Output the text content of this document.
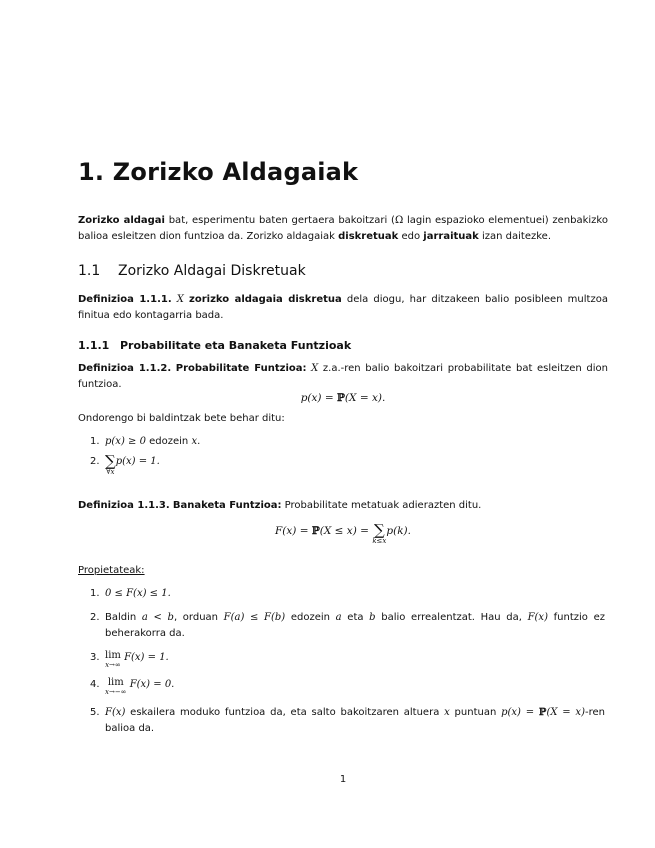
1. Zorizko Aldagaiak
Zorizko aldagai bat, esperimentu baten gertaera bakoitzari (Ω lagin espazioko elementuei) zenbakizko balioa esleitzen dion funtzioa da. Zorizko aldagaiak diskretuak edo jarraituak izan daitezke.
1.1 Zorizko Aldagai Diskretuak
Definizioa 1.1.1. X zorizko aldagaia diskretua dela diogu, har ditzakeen balio posibleen multzoa finitua edo kontagarria bada.
1.1.1 Probabilitate eta Banaketa Funtzioak
Definizioa 1.1.2. Probabilitate Funtzioa: X z.a.-ren balio bakoitzari probabilitate bat esleitzen dion funtzioa.
p(x) = ℙ(X = x).
Ondorengo bi baldintzak bete behar ditu:
1. p(x) ≥ 0 edozein x.
2. ∑
∀x
p(x) = 1.
Definizioa 1.1.3. Banaketa Funtzioa: Probabilitate metatuak adierazten ditu.
F(x) = ℙ(X ≤ x) = ∑
k≤x
p(k).
Propietateak:
1. 0 ≤ F(x) ≤ 1.
2. Baldin a < b, orduan F(a) ≤ F(b) edozein a eta b balio errealentzat. Hau da, F(x) funtzio ez beherakorra da.
3. lim
x→∞
F(x) = 1.
4. lim
x→−∞
F(x) = 0.
5. F(x) eskailera moduko funtzioa da, eta salto bakoitzaren altuera x puntuan p(x) = ℙ(X = x)-ren balioa da.
1
